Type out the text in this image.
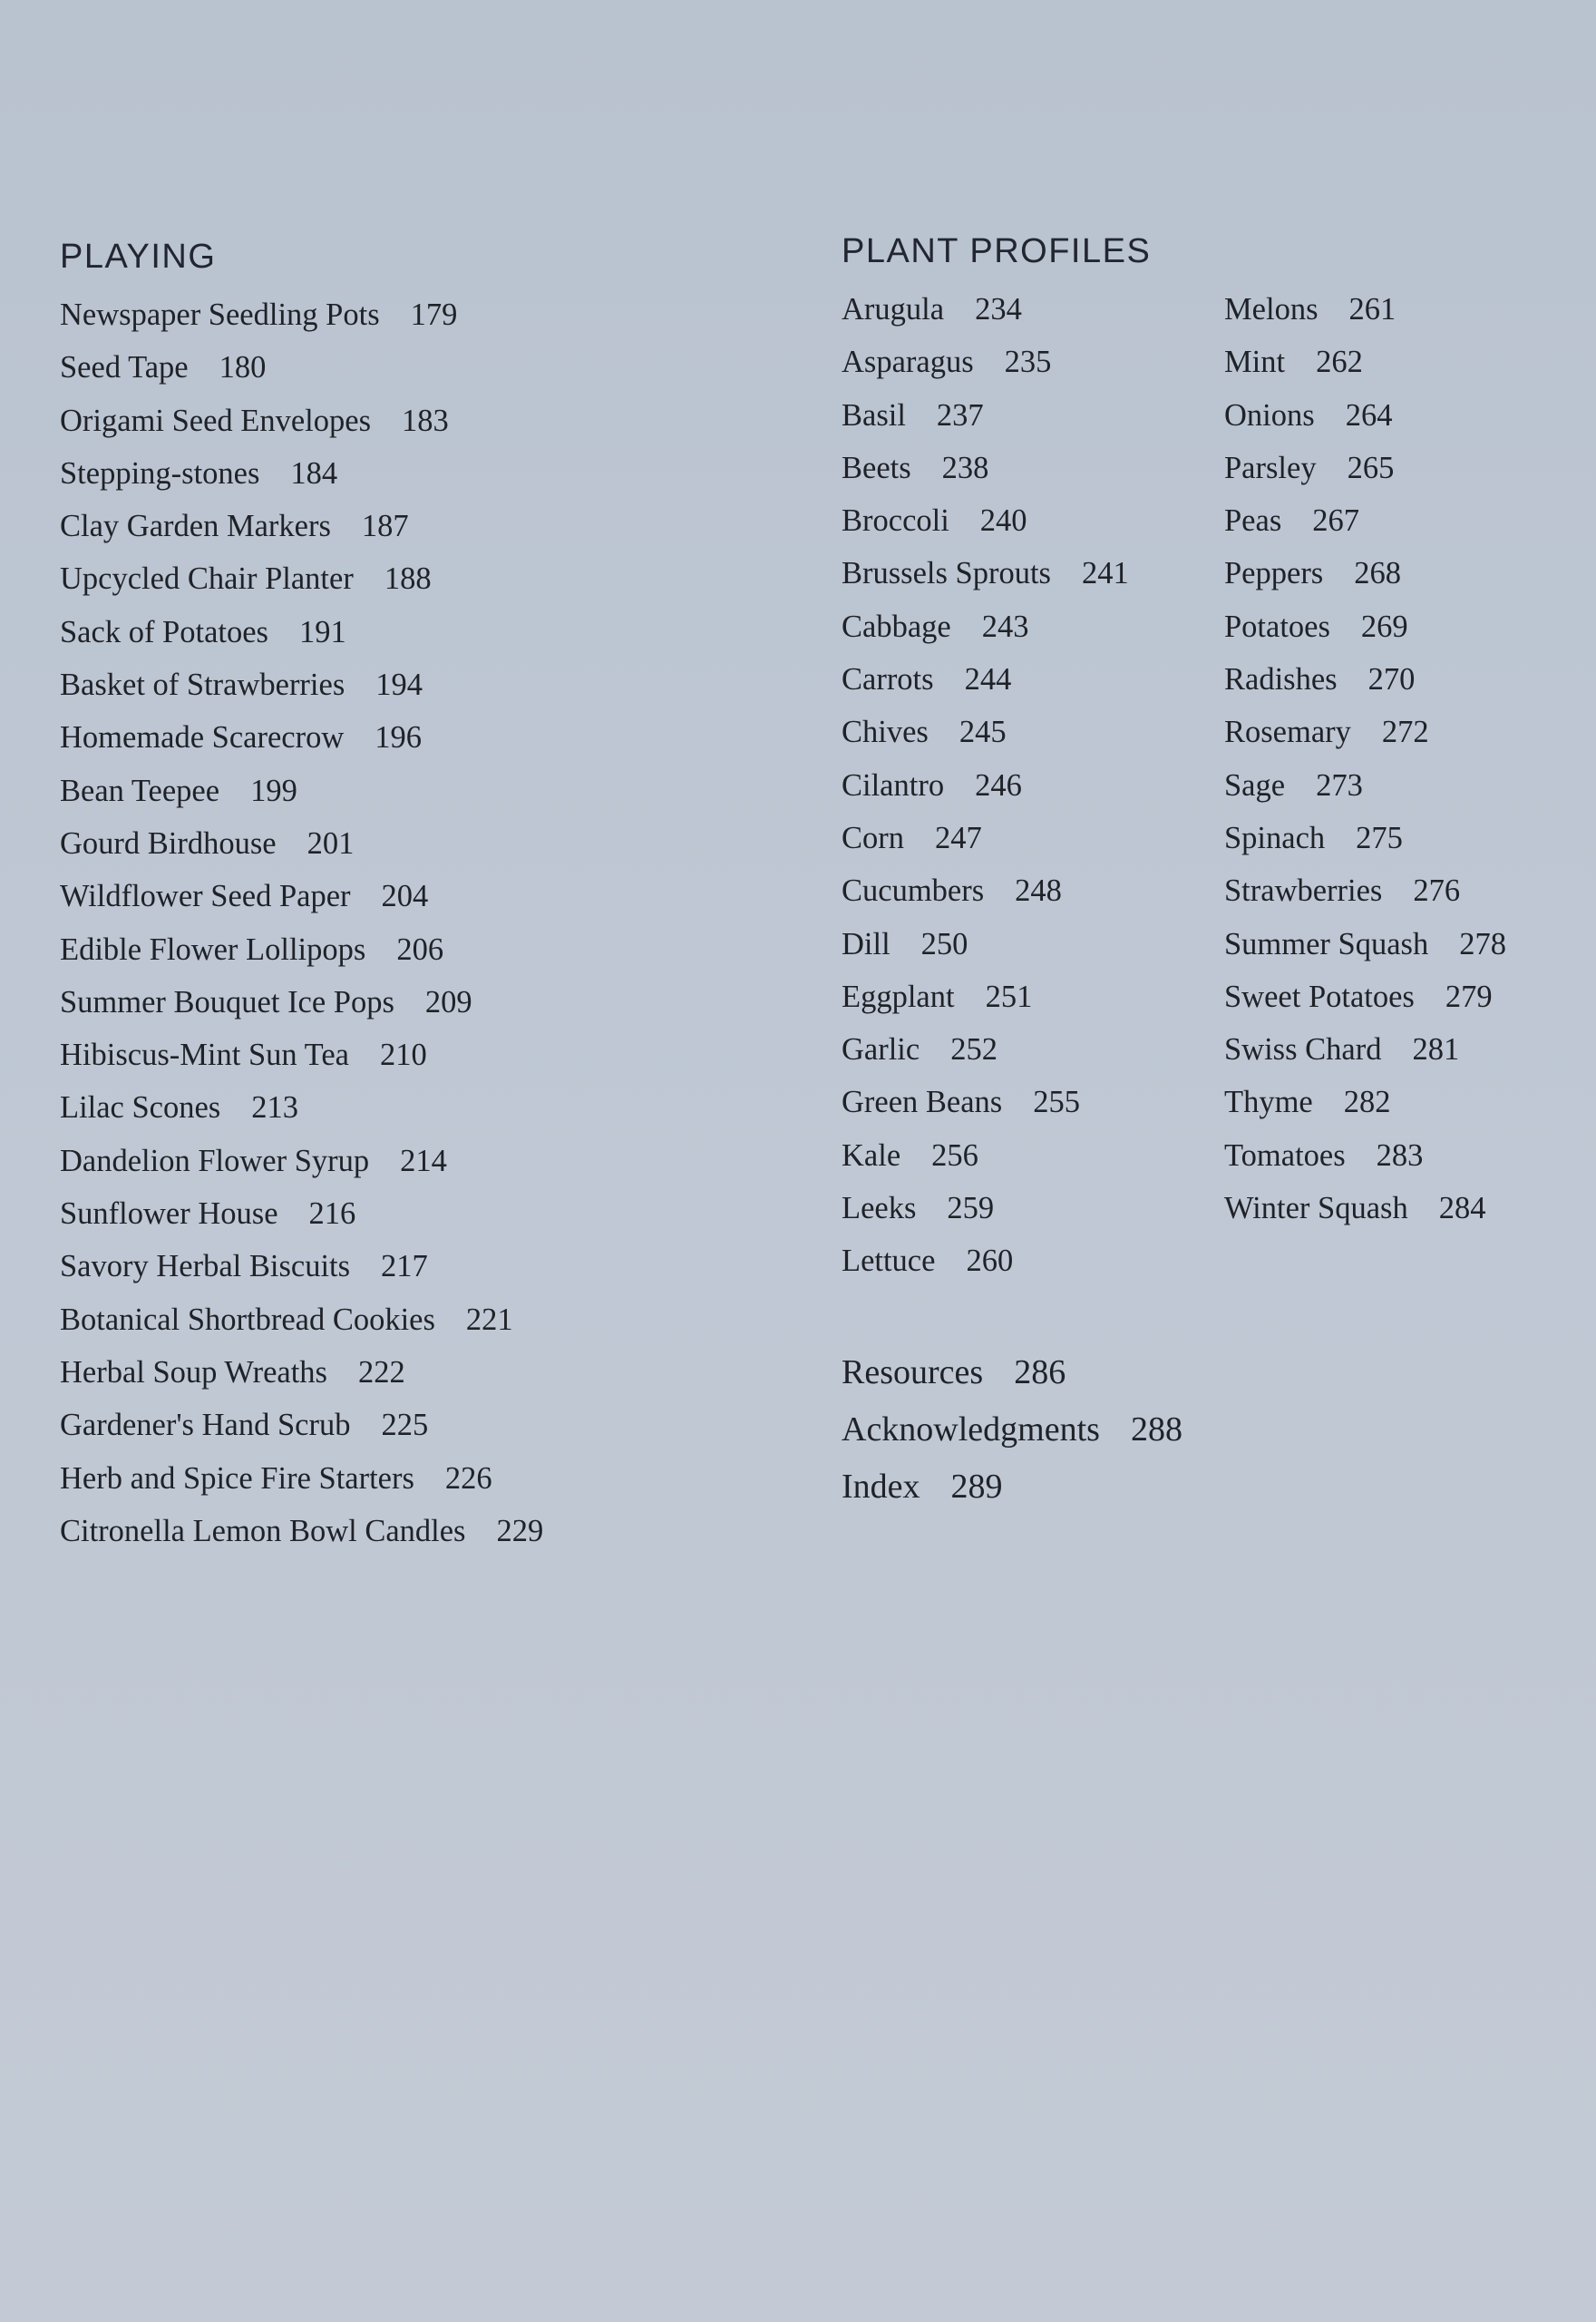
PLAYING
Newspaper Seedling Pots 179
Seed Tape 180
Origami Seed Envelopes 183
Stepping-stones 184
Clay Garden Markers 187
Upcycled Chair Planter 188
Sack of Potatoes 191
Basket of Strawberries 194
Homemade Scarecrow 196
Bean Teepee 199
Gourd Birdhouse 201
Wildflower Seed Paper 204
Edible Flower Lollipops 206
Summer Bouquet Ice Pops 209
Hibiscus-Mint Sun Tea 210
Lilac Scones 213
Dandelion Flower Syrup 214
Sunflower House 216
Savory Herbal Biscuits 217
Botanical Shortbread Cookies 221
Herbal Soup Wreaths 222
Gardener's Hand Scrub 225
Herb and Spice Fire Starters 226
Citronella Lemon Bowl Candles 229
PLANT PROFILES
Arugula 234
Asparagus 235
Basil 237
Beets 238
Broccoli 240
Brussels Sprouts 241
Cabbage 243
Carrots 244
Chives 245
Cilantro 246
Corn 247
Cucumbers 248
Dill 250
Eggplant 251
Garlic 252
Green Beans 255
Kale 256
Leeks 259
Lettuce 260
Resources 286
Acknowledgments 288
Index 289
Melons 261
Mint 262
Onions 264
Parsley 265
Peas 267
Peppers 268
Potatoes 269
Radishes 270
Rosemary 272
Sage 273
Spinach 275
Strawberries 276
Summer Squash 278
Sweet Potatoes 279
Swiss Chard 281
Thyme 282
Tomatoes 283
Winter Squash 284
